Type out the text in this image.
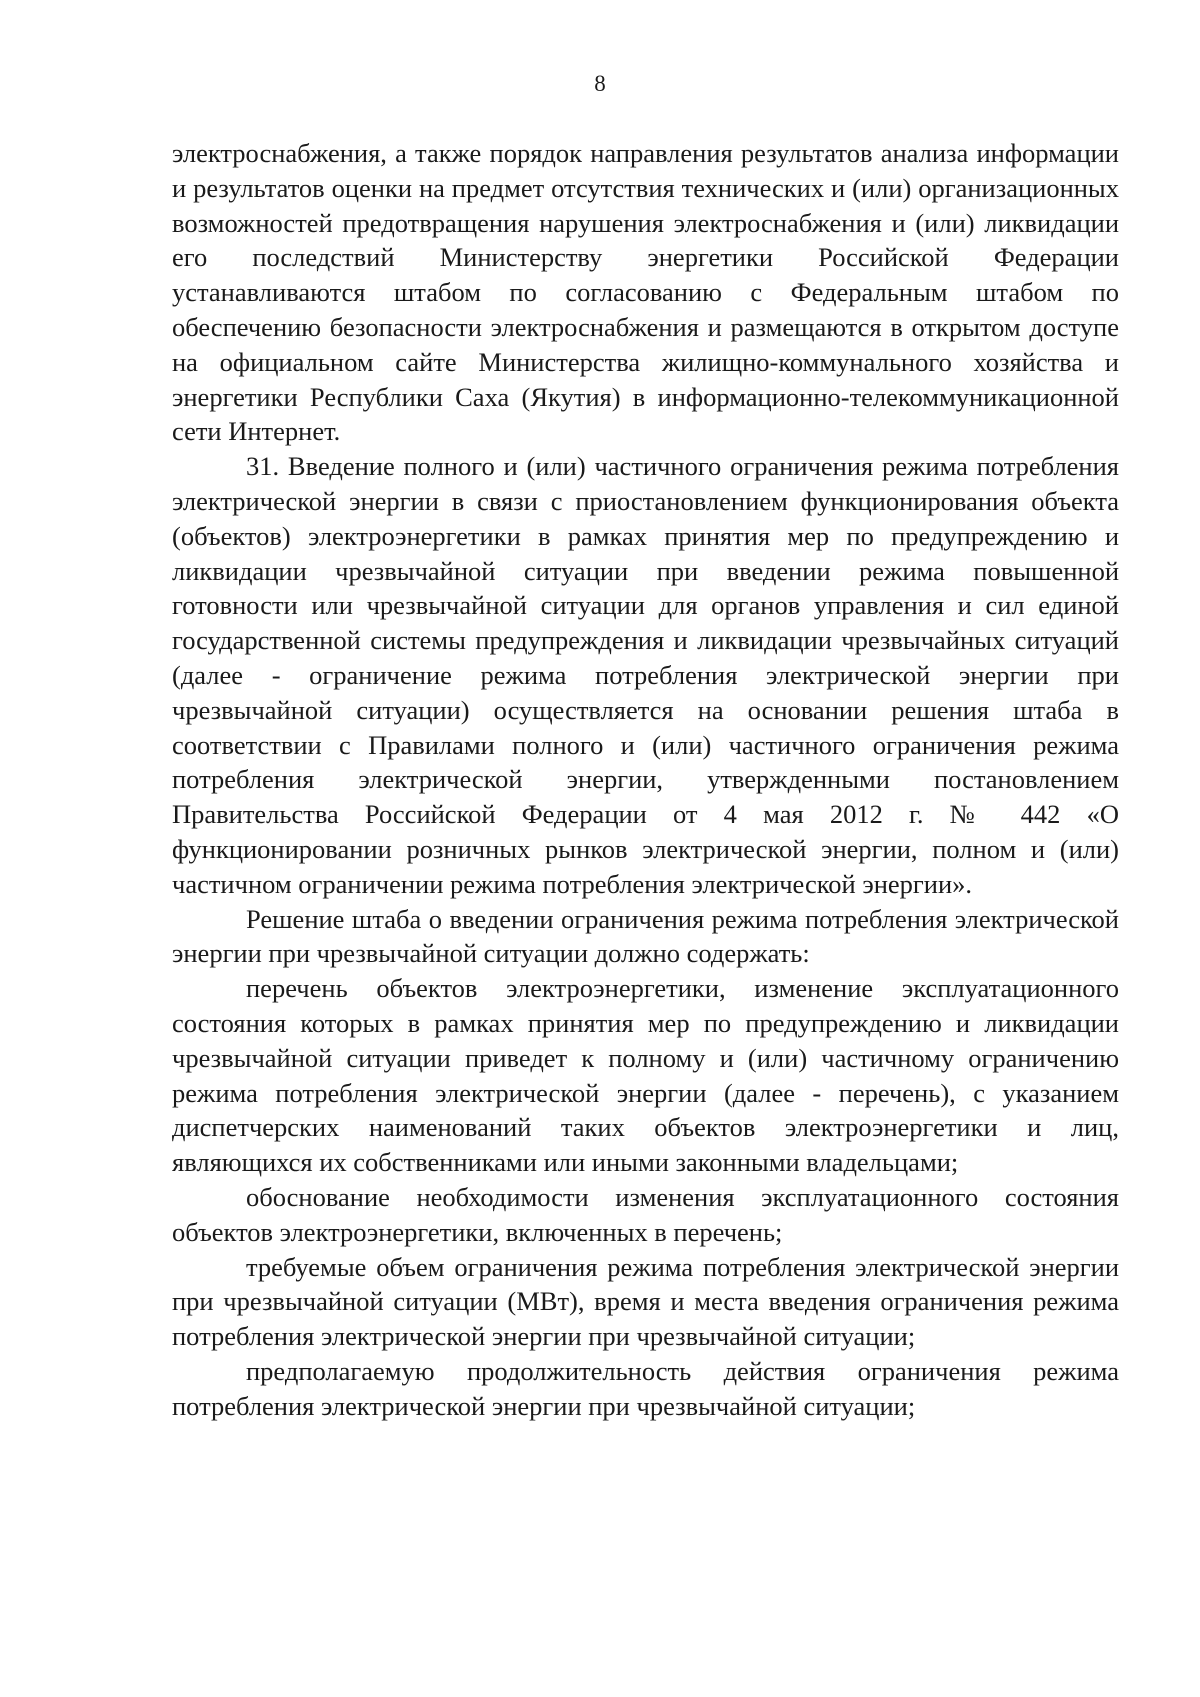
8

электроснабжения, а также порядок направления результатов анализа информации и результатов оценки на предмет отсутствия технических и (или) организационных возможностей предотвращения нарушения электроснабжения и (или) ликвидации его последствий Министерству энергетики Российской Федерации устанавливаются штабом по согласованию с Федеральным штабом по обеспечению безопасности электроснабжения и размещаются в открытом доступе на официальном сайте Министерства жилищно-коммунального хозяйства и энергетики Республики Саха (Якутия) в информационно-телекоммуникационной сети Интернет.

31. Введение полного и (или) частичного ограничения режима потребления электрической энергии в связи с приостановлением функционирования объекта (объектов) электроэнергетики в рамках принятия мер по предупреждению и ликвидации чрезвычайной ситуации при введении режима повышенной готовности или чрезвычайной ситуации для органов управления и сил единой государственной системы предупреждения и ликвидации чрезвычайных ситуаций (далее - ограничение режима потребления электрической энергии при чрезвычайной ситуации) осуществляется на основании решения штаба в соответствии с Правилами полного и (или) частичного ограничения режима потребления электрической энергии, утвержденными постановлением Правительства Российской Федерации от 4 мая 2012 г. № 442 «О функционировании розничных рынков электрической энергии, полном и (или) частичном ограничении режима потребления электрической энергии».

Решение штаба о введении ограничения режима потребления электрической энергии при чрезвычайной ситуации должно содержать:

перечень объектов электроэнергетики, изменение эксплуатационного состояния которых в рамках принятия мер по предупреждению и ликвидации чрезвычайной ситуации приведет к полному и (или) частичному ограничению режима потребления электрической энергии (далее - перечень), с указанием диспетчерских наименований таких объектов электроэнергетики и лиц, являющихся их собственниками или иными законными владельцами;

обоснование необходимости изменения эксплуатационного состояния объектов электроэнергетики, включенных в перечень;

требуемые объем ограничения режима потребления электрической энергии при чрезвычайной ситуации (МВт), время и места введения ограничения режима потребления электрической энергии при чрезвычайной ситуации;

предполагаемую продолжительность действия ограничения режима потребления электрической энергии при чрезвычайной ситуации;
